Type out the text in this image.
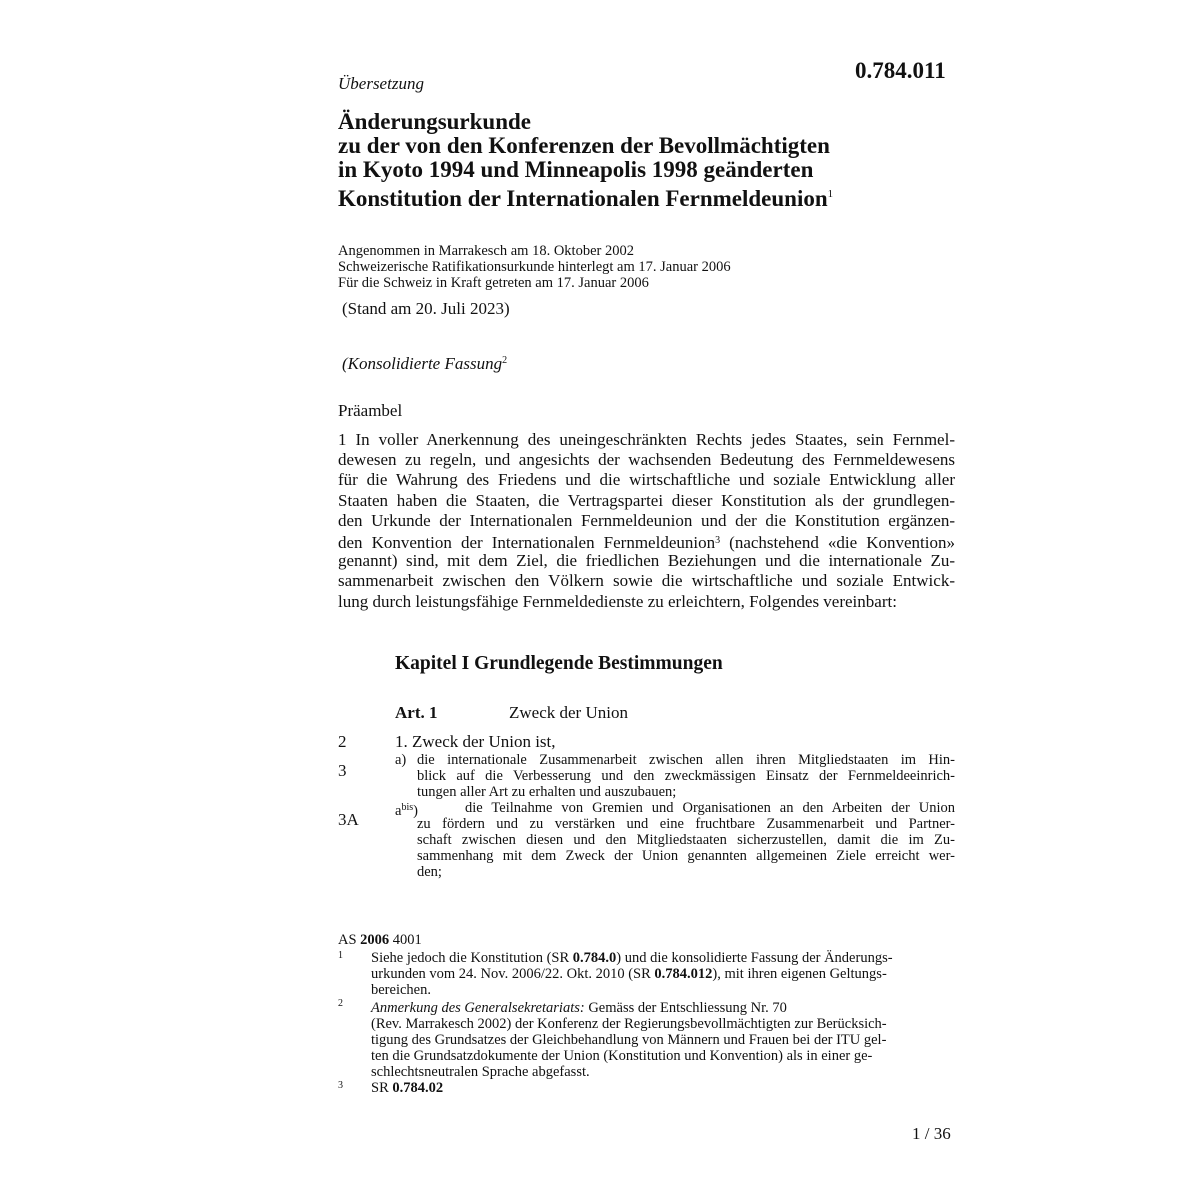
Übersetzung
0.784.011
Änderungsurkunde
zu der von den Konferenzen der Bevollmächtigten
in Kyoto 1994 und Minneapolis 1998 geänderten
Konstitution der Internationalen Fernmeldeunion$^1$
Angenommen in Marrakesch am 18. Oktober 2002
Schweizerische Ratifikationsurkunde hinterlegt am 17. Januar 2006
Für die Schweiz in Kraft getreten am 17. Januar 2006
(Stand am 20. Juli 2023)
(Konsolidierte Fassung$^2$
Präambel
1 In voller Anerkennung des uneingeschränkten Rechts jedes Staates, sein Fernmel-
dewesen zu regeln, und angesichts der wachsenden Bedeutung des Fernmeldewesens
für die Wahrung des Friedens und die wirtschaftliche und soziale Entwicklung aller
Staaten haben die Staaten, die Vertragspartei dieser Konstitution als der grundlegen-
den Urkunde der Internationalen Fernmeldeunion und der die Konstitution ergänzen-
den Konvention der Internationalen Fernmeldeunion$^3$ (nachstehend «die Konvention»
genannt) sind, mit dem Ziel, die friedlichen Beziehungen und die internationale Zu-
sammenarbeit zwischen den Völkern sowie die wirtschaftliche und soziale Entwick-
lung durch leistungsfähige Fernmeldedienste zu erleichtern, Folgendes vereinbart:
Kapitel I Grundlegende Bestimmungen
Art. 1	Zweck der Union
2
3
3A
1. Zweck der Union ist,
a) die internationale Zusammenarbeit zwischen allen ihren Mitgliedstaaten im Hin-
blick auf die Verbesserung und den zweckmässigen Einsatz der Fernmeldeeinrich-
tungen aller Art zu erhalten und auszubauen;
$a^{bis}$)	die Teilnahme von Gremien und Organisationen an den Arbeiten der Union
zu fördern und zu verstärken und eine fruchtbare Zusammenarbeit und Partner-
schaft zwischen diesen und den Mitgliedstaaten sicherzustellen, damit die im Zu-
sammenhang mit dem Zweck der Union genannten allgemeinen Ziele erreicht wer-
den;
AS 2006 4001
1 Siehe jedoch die Konstitution (SR 0.784.0) und die konsolidierte Fassung der Änderungs-
urkunden vom 24. Nov. 2006/22. Okt. 2010 (SR 0.784.012), mit ihren eigenen Geltungs-
bereichen.
2 Anmerkung des Generalsekretariats: Gemäss der Entschliessung Nr. 70
(Rev. Marrakesch 2002) der Konferenz der Regierungsbevollmächtigten zur Berücksich-
tigung des Grundsatzes der Gleichbehandlung von Männern und Frauen bei der ITU gel-
ten die Grundsatzdokumente der Union (Konstitution und Konvention) als in einer ge-
schlechtsneutralen Sprache abgefasst.
3 SR 0.784.02
1 / 36
